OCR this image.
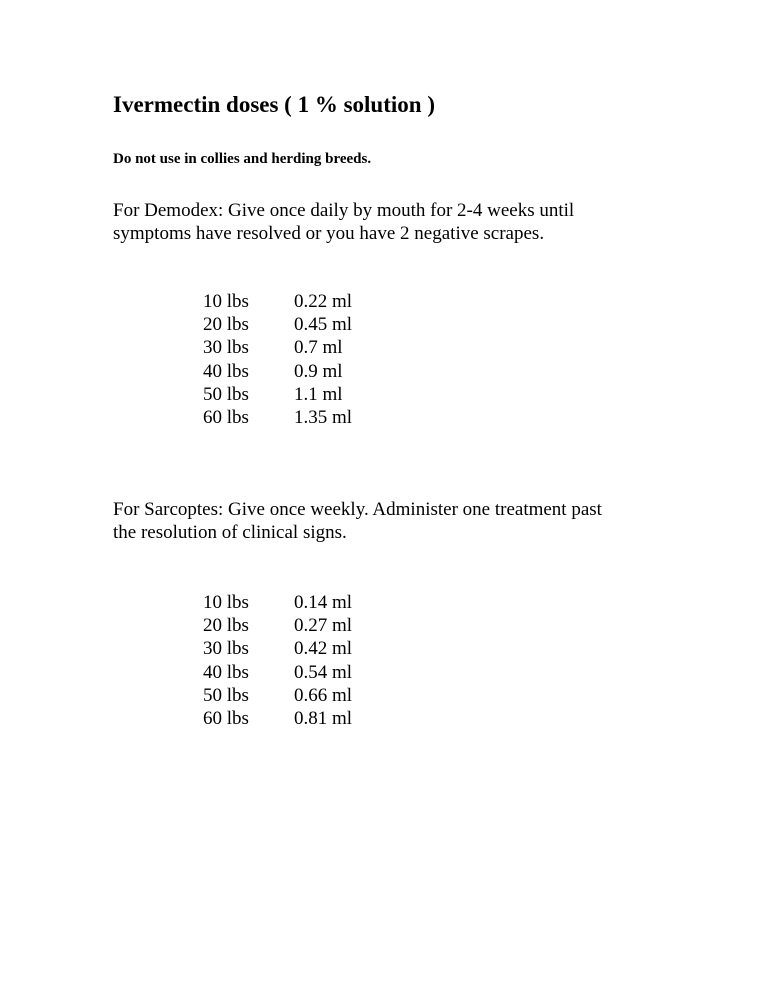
Ivermectin doses ( 1 % solution )

Do not use in collies and herding breeds.

For Demodex: Give once daily by mouth for 2-4 weeks until
symptoms have resolved or you have 2 negative scrapes.

10 lbs	0.22 ml
20 lbs	0.45 ml
30 lbs	0.7 ml
40 lbs	0.9 ml
50 lbs	1.1 ml
60 lbs	1.35 ml

For Sarcoptes: Give once weekly. Administer one treatment past
the resolution of clinical signs.

10 lbs	0.14 ml
20 lbs	0.27 ml
30 lbs	0.42 ml
40 lbs	0.54 ml
50 lbs	0.66 ml
60 lbs	0.81 ml
